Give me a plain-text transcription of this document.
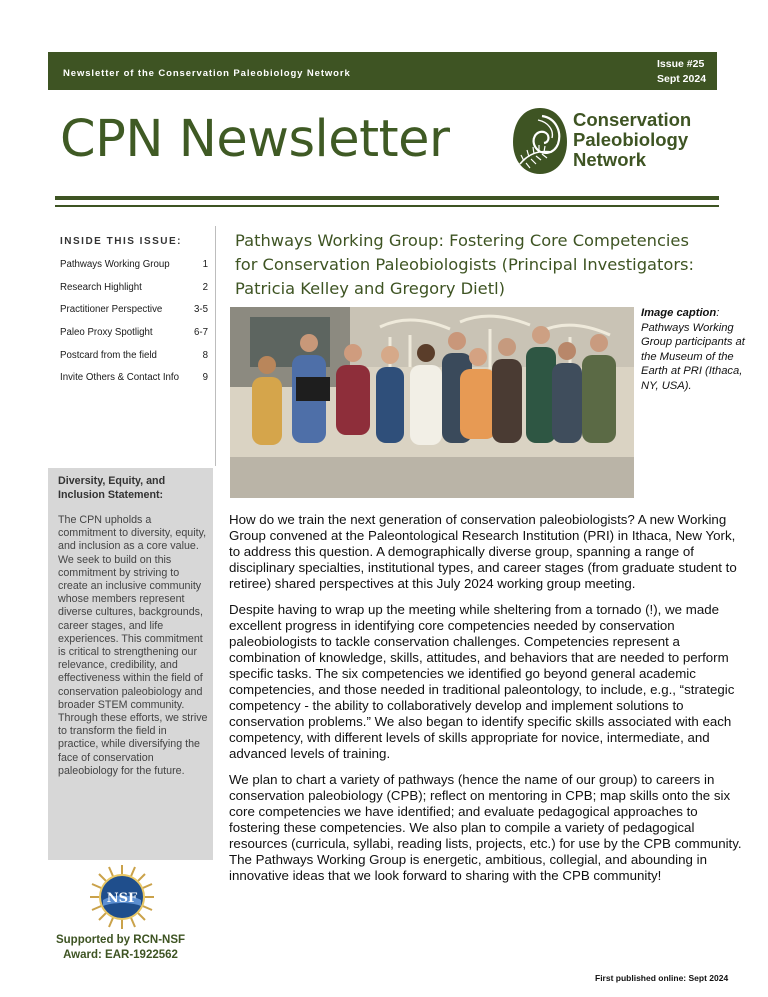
Newsletter of the Conservation Paleobiology Network
Issue #25
Sept 2024
CPN Newsletter	Conservation
Paleobiology
Network
INSIDE THIS ISSUE:
Pathways Working Group	1
Research Highlight	2
Practitioner Perspective	3-5
Paleo Proxy Spotlight	6-7
Postcard from the field	8
Invite Others & Contact Info 9
Diversity, Equity, and Inclusion Statement:
The CPN upholds a commitment to diversity, equity, and inclusion as a core value. We seek to build on this commitment by striving to create an inclusive community whose members represent diverse cultures, backgrounds, career stages, and life experiences. This commitment is critical to strengthening our relevance, credibility, and effectiveness within the field of conservation paleobiology and broader STEM community. Through these efforts, we strive to transform the field in practice, while diversifying the face of conservation paleobiology for the future.
NSF
Supported by RCN-NSF
Award: EAR-1922562
Pathways Working Group: Fostering Core Competencies for Conservation Paleobiologists (Principal Investigators: Patricia Kelley and Gregory Dietl)
Image caption:
Pathways Working Group participants at the Museum of the Earth at PRI (Ithaca, NY, USA).

How do we train the next generation of conservation paleobiologists? A new Working Group convened at the Paleontological Research Institution (PRI) in Ithaca, New York, to address this question. A demographically diverse group, spanning a range of disciplinary specialties, institutional types, and career stages (from graduate student to retiree) shared perspectives at this July 2024 working group meeting.

Despite having to wrap up the meeting while sheltering from a tornado (!), we made excellent progress in identifying core competencies needed by conservation paleobiologists to tackle conservation challenges. Competencies represent a combination of knowledge, skills, attitudes, and behaviors that are needed to perform specific tasks. The six competencies we identified go beyond general academic competencies, and those needed in traditional paleontology, to include, e.g., “strategic competency - the ability to collaboratively develop and implement solutions to conservation problems.” We also began to identify specific skills associated with each competency, with different levels of skills appropriate for novice, intermediate, and advanced levels of training.

We plan to chart a variety of pathways (hence the name of our group) to careers in conservation paleobiology (CPB); reflect on mentoring in CPB; map skills onto the six core competencies we have identified; and evaluate pedagogical approaches to fostering these competencies. We also plan to compile a variety of pedagogical resources (curricula, syllabi, reading lists, projects, etc.) for use by the CPB community. The Pathways Working Group is energetic, ambitious, collegial, and abounding in innovative ideas that we look forward to sharing with the CPB community!

First published online: Sept 2024
